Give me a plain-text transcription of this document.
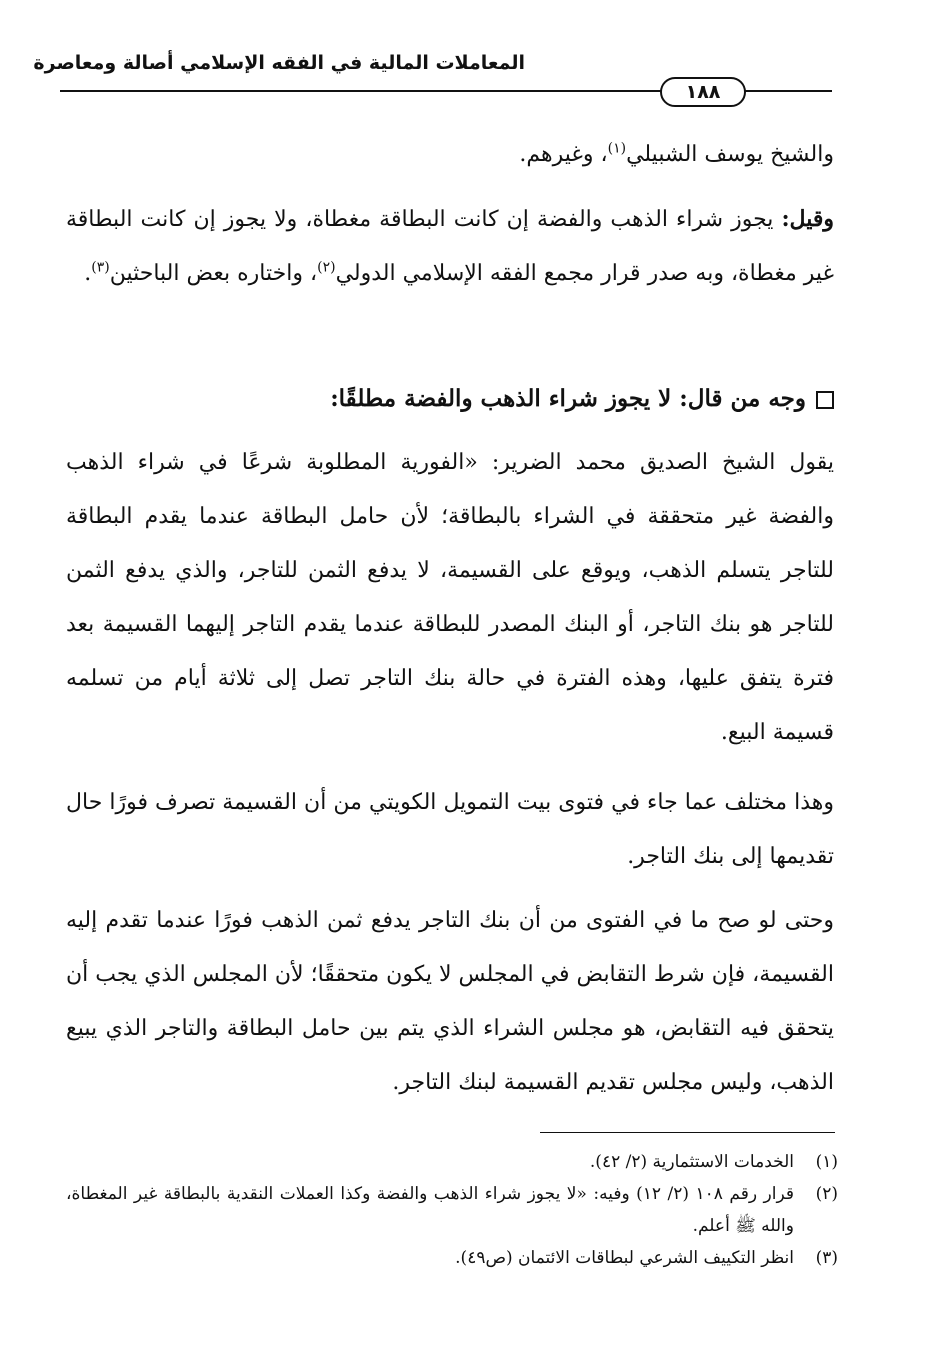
المعاملات المالية في الفقه الإسلامي أصالة ومعاصرة
١٨٨
والشيخ يوسف الشبيلي$^{(١)}$، وغيرهم.
وقيل: يجوز شراء الذهب والفضة إن كانت البطاقة مغطاة، ولا يجوز إن كانت البطاقة غير مغطاة، وبه صدر قرار مجمع الفقه الإسلامي الدولي$^{(٢)}$، واختاره بعض الباحثين$^{(٣)}$.
وجه من قال: لا يجوز شراء الذهب والفضة مطلقًا:
يقول الشيخ الصديق محمد الضرير: «الفورية المطلوبة شرعًا في شراء الذهب والفضة غير متحققة في الشراء بالبطاقة؛ لأن حامل البطاقة عندما يقدم البطاقة للتاجر يتسلم الذهب، ويوقع على القسيمة، لا يدفع الثمن للتاجر، والذي يدفع الثمن للتاجر هو بنك التاجر، أو البنك المصدر للبطاقة عندما يقدم التاجر إليهما القسيمة بعد فترة يتفق عليها، وهذه الفترة في حالة بنك التاجر تصل إلى ثلاثة أيام من تسلمه قسيمة البيع.
وهذا مختلف عما جاء في فتوى بيت التمويل الكويتي من أن القسيمة تصرف فورًا حال تقديمها إلى بنك التاجر.
وحتى لو صح ما في الفتوى من أن بنك التاجر يدفع ثمن الذهب فورًا عندما تقدم إليه القسيمة، فإن شرط التقابض في المجلس لا يكون متحققًا؛ لأن المجلس الذي يجب أن يتحقق فيه التقابض، هو مجلس الشراء الذي يتم بين حامل البطاقة والتاجر الذي يبيع الذهب، وليس مجلس تقديم القسيمة لبنك التاجر.
(١)
الخدمات الاستثمارية (٢/ ٤٢).
(٢)
قرار رقم ١٠٨ (٢/ ١٢) وفيه: «لا يجوز شراء الذهب والفضة وكذا العملات النقدية بالبطاقة غير المغطاة، والله ﷺ أعلم.
(٣)
انظر التكييف الشرعي لبطاقات الائتمان (ص٤٩).
